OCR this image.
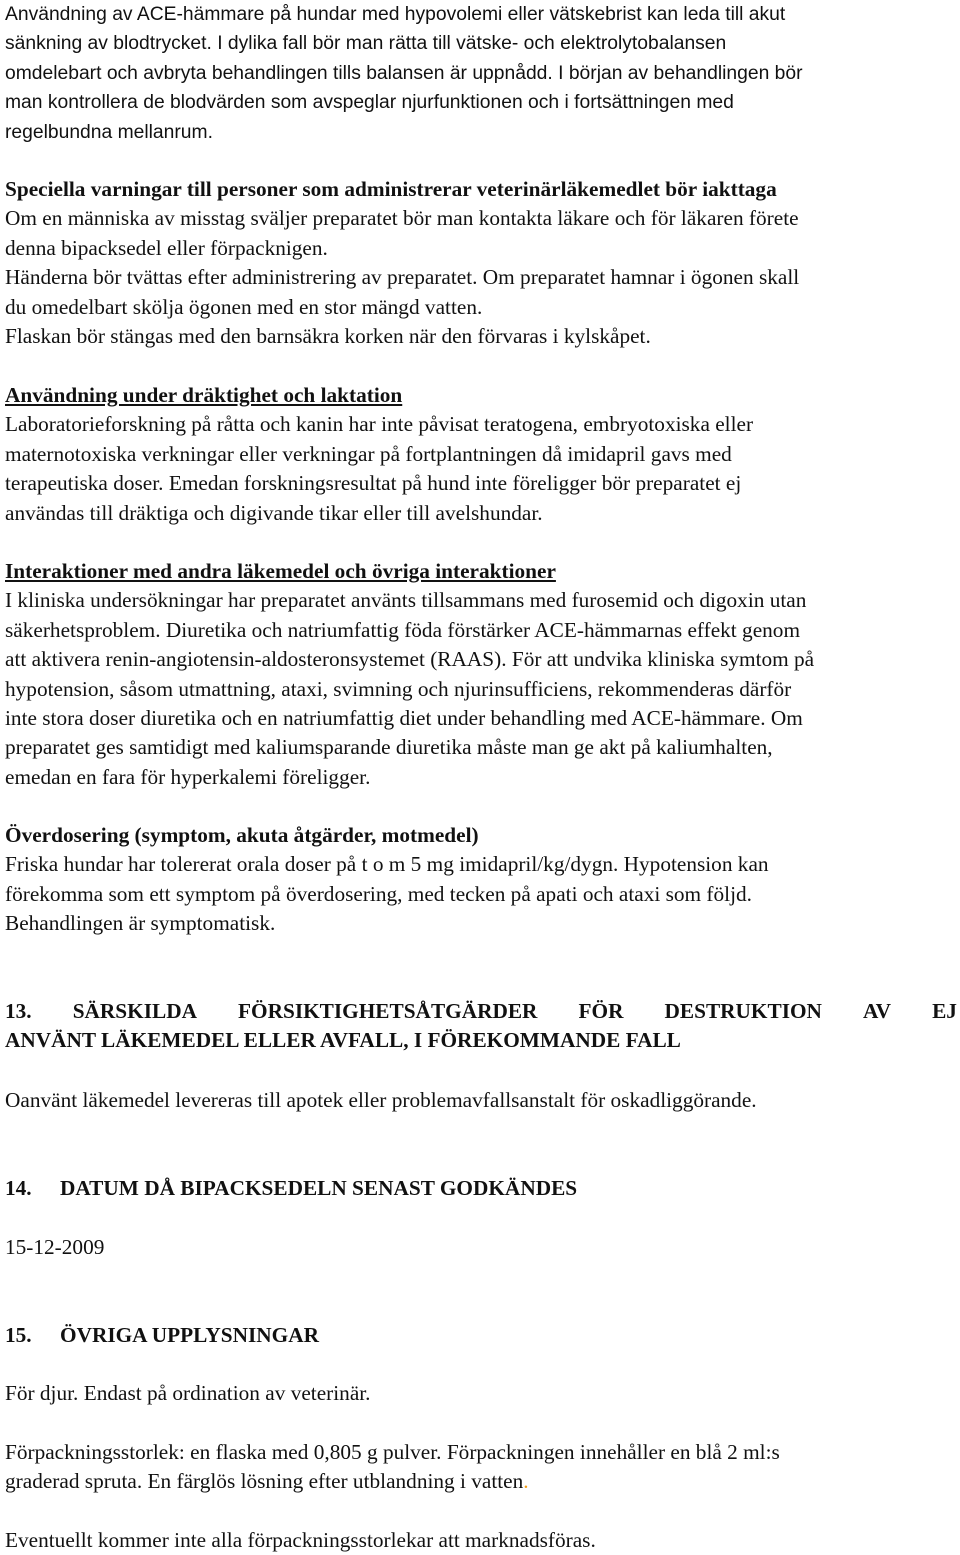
Användning av ACE-hämmare på hundar med hypovolemi eller vätskebrist kan leda till akut

sänkning av blodtrycket. I dylika fall bör man rätta till vätske- och elektrolytobalansen

omdelebart och avbryta behandlingen tills balansen är uppnådd. I början av behandlingen bör

man kontrollera de blodvärden som avspeglar njurfunktionen och i fortsättningen med

regelbundna mellanrum.

Speciella varningar till personer som administrerar veterinärläkemedlet bör iakttaga

Om en människa av misstag sväljer preparatet bör man kontakta läkare och för läkaren förete

denna bipacksedel eller förpacknigen.

Händerna bör tvättas efter administrering av preparatet. Om preparatet hamnar i ögonen skall

du omedelbart skölja ögonen med en stor mängd vatten.

Flaskan bör stängas med den barnsäkra korken när den förvaras i kylskåpet.

Användning under dräktighet och laktation

Laboratorieforskning på råtta och kanin har inte påvisat teratogena, embryotoxiska eller

maternotoxiska verkningar eller verkningar på fortplantningen då imidapril gavs med

terapeutiska doser. Emedan forskningsresultat på hund inte föreligger bör preparatet ej

användas till dräktiga och digivande tikar eller till avelshundar.

Interaktioner med andra läkemedel och övriga interaktioner

I kliniska undersökningar har preparatet använts tillsammans med furosemid och digoxin utan

säkerhetsproblem. Diuretika och natriumfattig föda förstärker ACE-hämmarnas effekt genom

att aktivera renin-angiotensin-aldosteronsystemet (RAAS). För att undvika kliniska symtom på

hypotension, såsom utmattning, ataxi, svimning och njurinsufficiens, rekommenderas därför

inte stora doser diuretika och en natriumfattig diet under behandling med ACE-hämmare. Om

preparatet ges samtidigt med kaliumsparande diuretika måste man ge akt på kaliumhalten,

emedan en fara för hyperkalemi föreligger.

Överdosering (symptom, akuta åtgärder, motmedel)

Friska hundar har tolererat orala doser på t o m 5 mg imidapril/kg/dygn. Hypotension kan

förekomma som ett symptom på överdosering, med tecken på apati och ataxi som följd.

Behandlingen är symptomatisk.

13. SÄRSKILDA FÖRSIKTIGHETSÅTGÄRDER FÖR DESTRUKTION AV EJ

ANVÄNT LÄKEMEDEL ELLER AVFALL, I FÖREKOMMANDE FALL

Oanvänt läkemedel levereras till apotek eller problemavfallsanstalt för oskadliggörande.

14. DATUM DÅ BIPACKSEDELN SENAST GODKÄNDES

15-12-2009

15. ÖVRIGA UPPLYSNINGAR

För djur. Endast på ordination av veterinär.

Förpackningsstorlek: en flaska med 0,805 g pulver. Förpackningen innehåller en blå 2 ml:s

graderad spruta. En färglös lösning efter utblandning i vatten.

Eventuellt kommer inte alla förpackningsstorlekar att marknadsföras.
